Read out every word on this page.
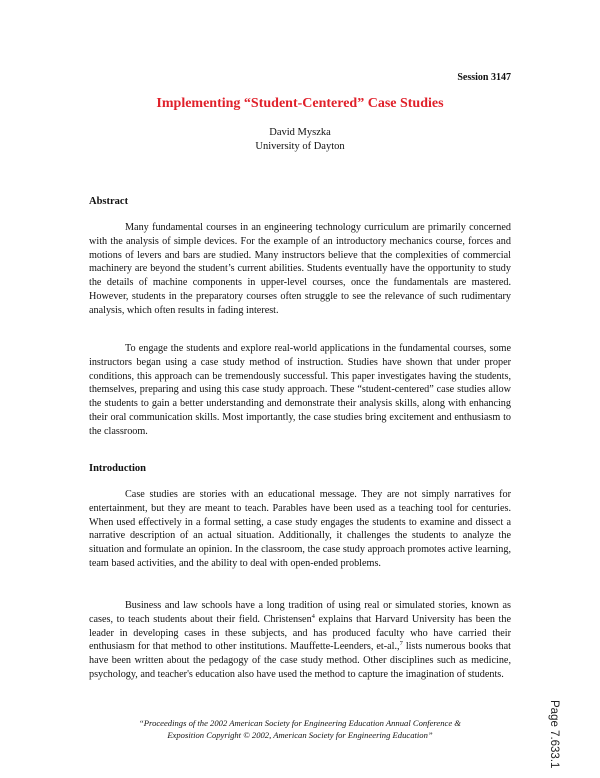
Session 3147
Implementing “Student-Centered” Case Studies
David Myszka
University of Dayton
Abstract

Many fundamental courses in an engineering technology curriculum are primarily concerned with the analysis of simple devices. For the example of an introductory mechanics course, forces and motions of levers and bars are studied. Many instructors believe that the complexities of commercial machinery are beyond the student’s current abilities. Students eventually have the opportunity to study the details of machine components in upper-level courses, once the fundamentals are mastered. However, students in the preparatory courses often struggle to see the relevance of such rudimentary analysis, which often results in fading interest.

To engage the students and explore real-world applications in the fundamental courses, some instructors began using a case study method of instruction. Studies have shown that under proper conditions, this approach can be tremendously successful. This paper investigates having the students, themselves, preparing and using this case study approach. These “student-centered” case studies allow the students to gain a better understanding and demonstrate their analysis skills, along with enhancing their oral communication skills. Most importantly, the case studies bring excitement and enthusiasm to the classroom.

Introduction

Case studies are stories with an educational message. They are not simply narratives for entertainment, but they are meant to teach. Parables have been used as a teaching tool for centuries. When used effectively in a formal setting, a case study engages the students to examine and dissect a narrative description of an actual situation. Additionally, it challenges the students to analyze the situation and formulate an opinion. In the classroom, the case study approach promotes active learning, team based activities, and the ability to deal with open-ended problems.

Business and law schools have a long tradition of using real or simulated stories, known as cases, to teach students about their field. Christensen$^4$ explains that Harvard University has been the leader in developing cases in these subjects, and has produced faculty who have carried their enthusiasm for that method to other institutions. Mauffette-Leenders, et-al.,$^7$ lists numerous books that have been written about the pedagogy of the case study method. Other disciplines such as medicine, psychology, and teacher's education also have used the method to capture the imagination of students.

“Proceedings of the 2002 American Society for Engineering Education Annual Conference &
Exposition Copyright © 2002, American Society for Engineering Education”	Page 7.633.1
